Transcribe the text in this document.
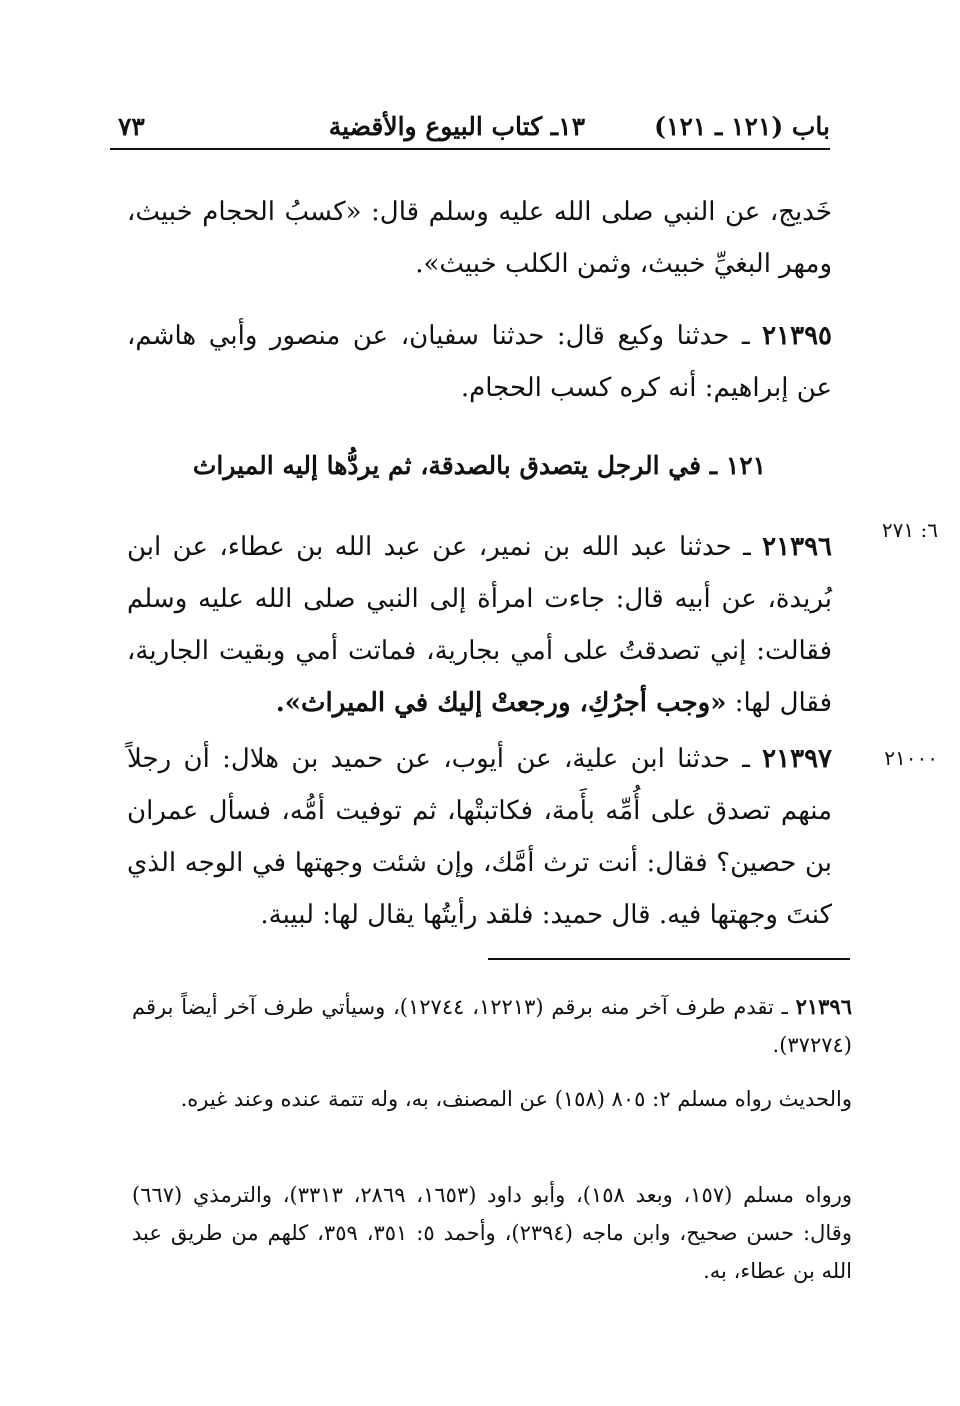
باب (١٢١ ـ ١٢١)
١٣ـ كتاب البيوع والأقضية
٧٣
خَديج، عن النبي صلى الله عليه وسلم قال: «كسبُ الحجام خبيث، ومهر البغيِّ خبيث، وثمن الكلب خبيث».
٢١٣٩٥ ـ حدثنا وكيع قال: حدثنا سفيان، عن منصور وأبي هاشم، عن إبراهيم: أنه كره كسب الحجام.
١٢١ ـ في الرجل يتصدق بالصدقة، ثم يردُّها إليه الميراث
٦: ٢٧١
٢١٣٩٦ ـ حدثنا عبد الله بن نمير، عن عبد الله بن عطاء، عن ابن بُريدة، عن أبيه قال: جاءت امرأة إلى النبي صلى الله عليه وسلم فقالت: إني تصدقتُ على أمي بجارية، فماتت أمي وبقيت الجارية، فقال لها: «وجب أجرُكِ، ورجعتْ إليك في الميراث».
٢١٠٠٠
٢١٣٩٧ ـ حدثنا ابن علية، عن أيوب، عن حميد بن هلال: أن رجلاً منهم تصدق على أُمِّه بأَمة، فكاتبتْها، ثم توفيت أمُّه، فسأل عمران بن حصين؟ فقال: أنت ترث أمَّك، وإن شئت وجهتها في الوجه الذي كنتَ وجهتها فيه. قال حميد: فلقد رأيتُها يقال لها: لبيبة.
٢١٣٩٦ ـ تقدم طرف آخر منه برقم (١٢٢١٣، ١٢٧٤٤)، وسيأتي طرف آخر أيضاً برقم (٣٧٢٧٤).
والحديث رواه مسلم ٢: ٨٠٥ (١٥٨) عن المصنف، به، وله تتمة عنده وعند غيره.
ورواه مسلم (١٥٧، وبعد ١٥٨)، وأبو داود (١٦٥٣، ٢٨٦٩، ٣٣١٣)، والترمذي (٦٦٧) وقال: حسن صحيح، وابن ماجه (٢٣٩٤)، وأحمد ٥: ٣٥١، ٣٥٩، كلهم من طريق عبد الله بن عطاء، به.
